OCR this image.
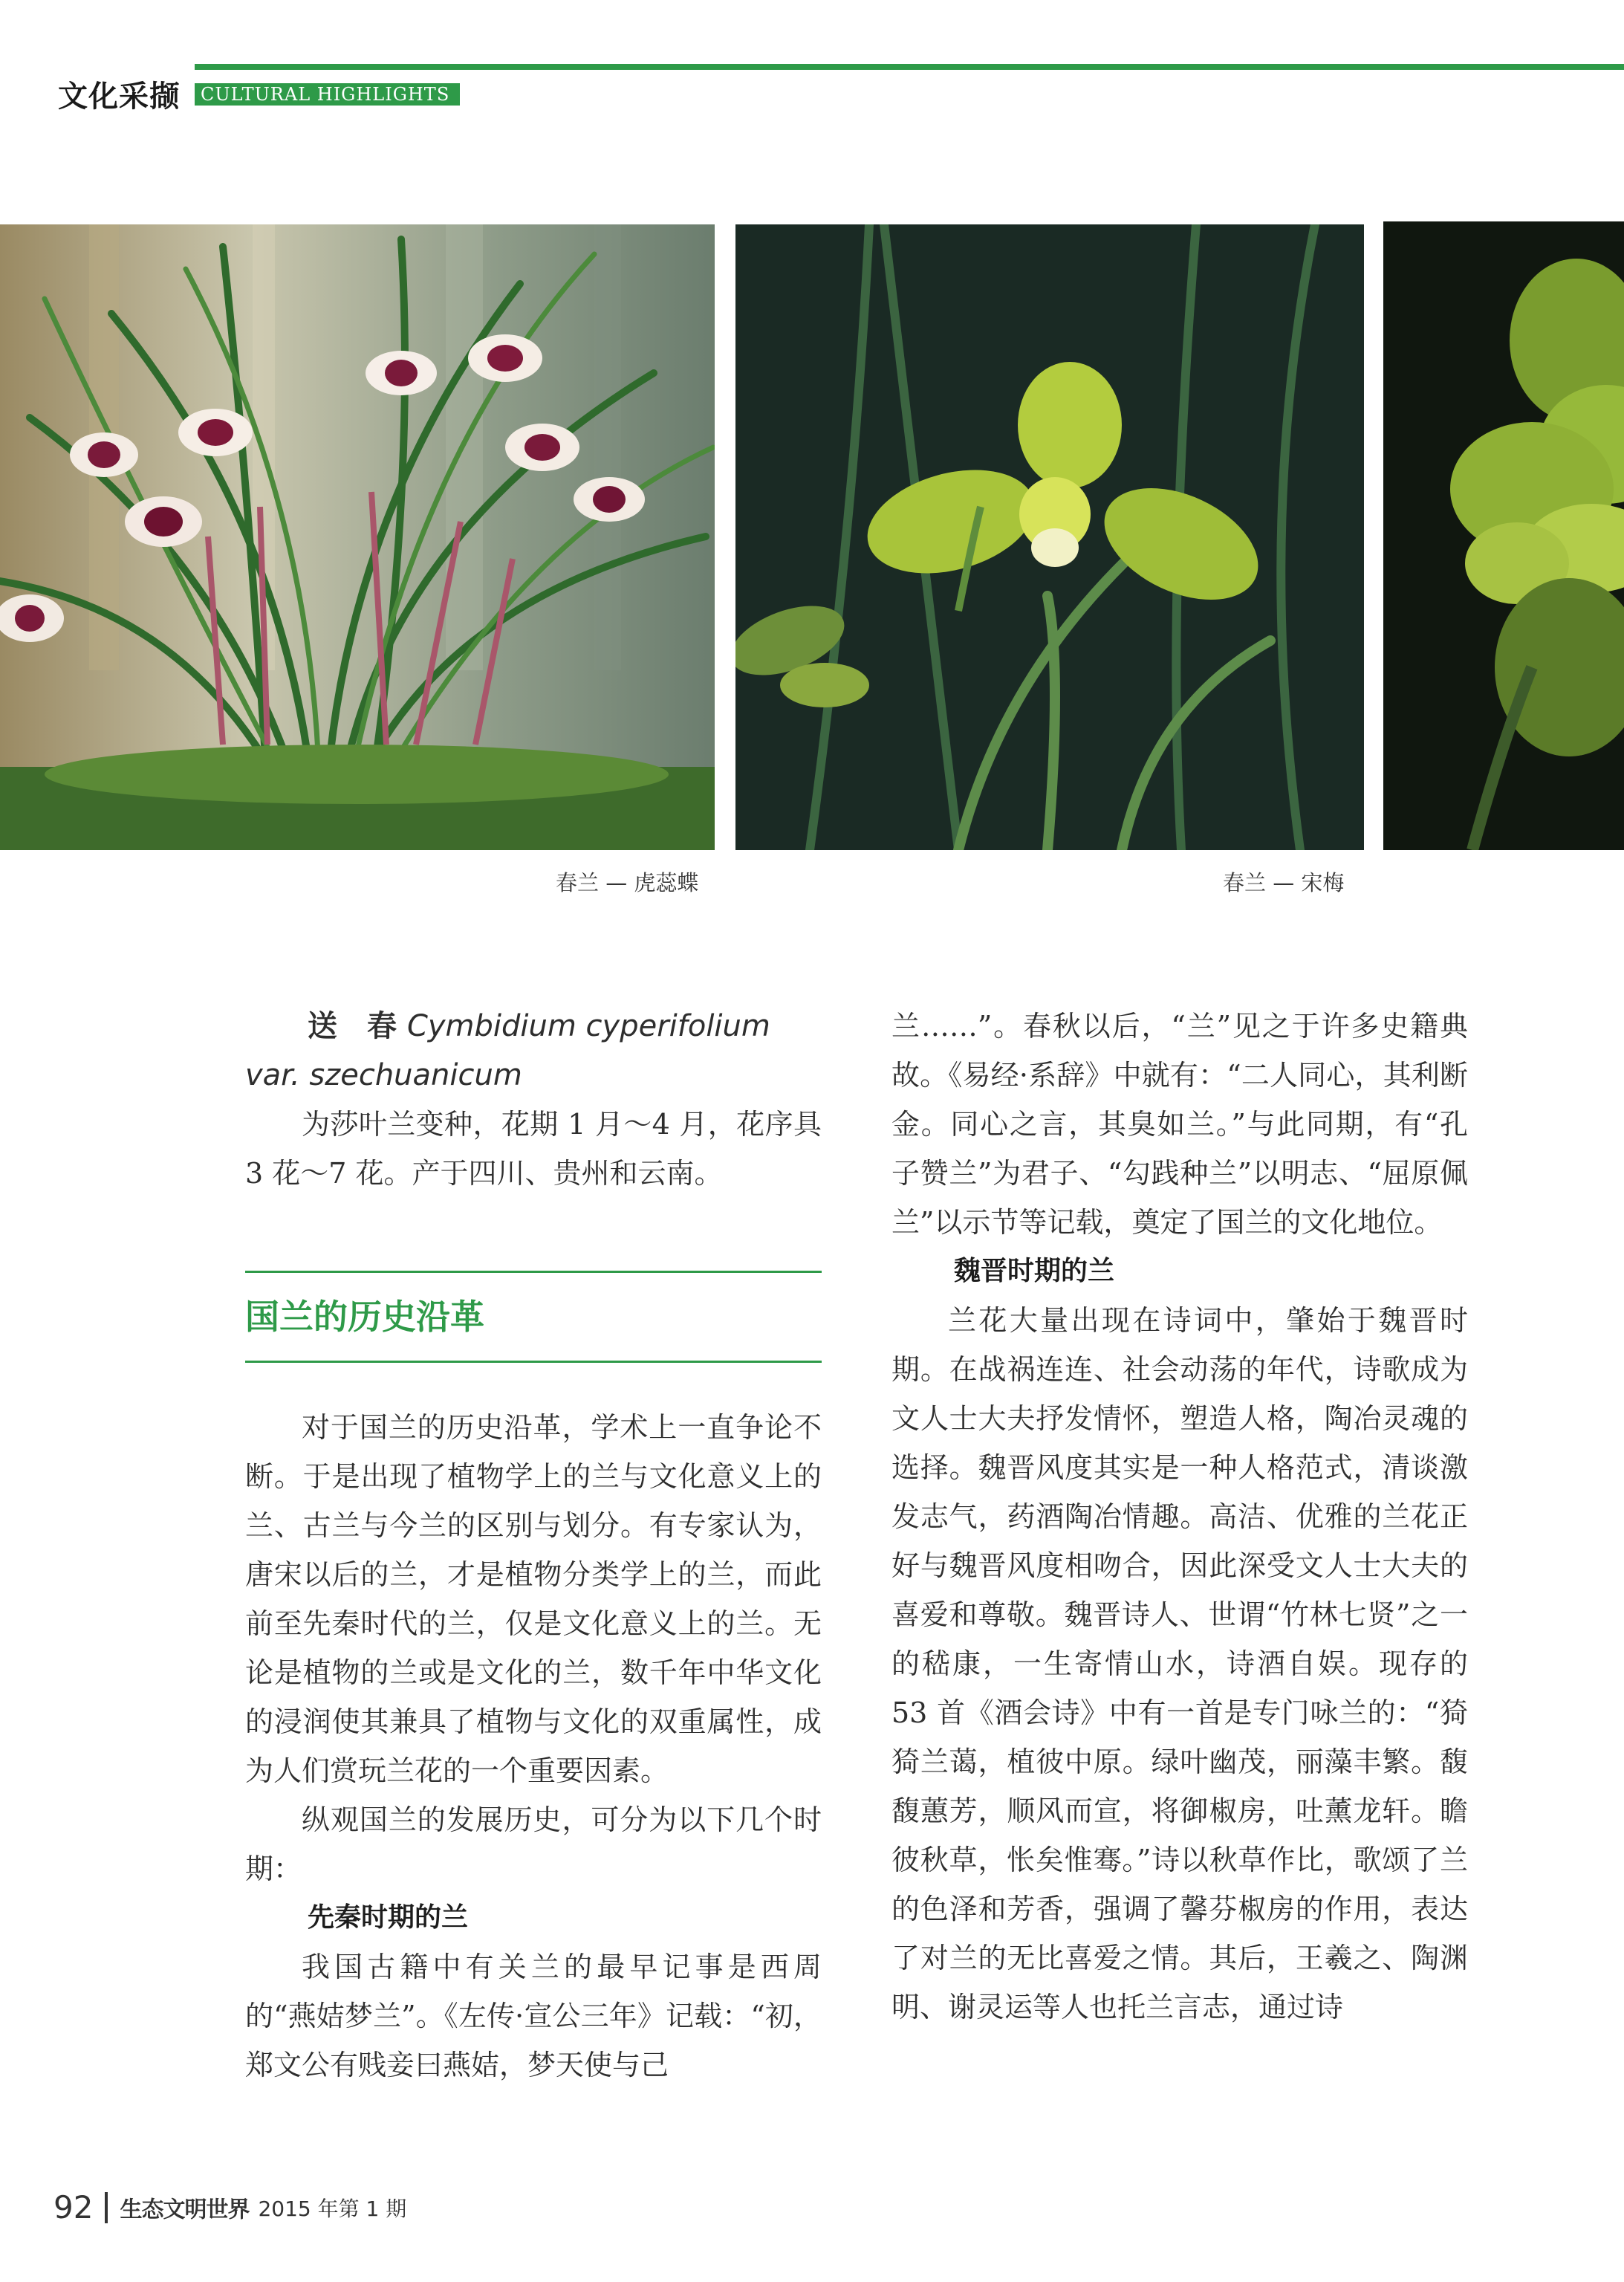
文化采撷	CULTURAL HIGHLIGHTS
春兰 — 虎蕊蝶	春兰 — 宋梅
送　春 Cymbidium cyperifolium
var. szechuanicum

为莎叶兰变种，花期 1 月～4 月，花序具 3 花～7 花。产于四川、贵州和云南。

国兰的历史沿革

对于国兰的历史沿革，学术上一直争论不断。于是出现了植物学上的兰与文化意义上的兰、古兰与今兰的区别与划分。有专家认为，唐宋以后的兰，才是植物分类学上的兰，而此前至先秦时代的兰，仅是文化意义上的兰。无论是植物的兰或是文化的兰，数千年中华文化的浸润使其兼具了植物与文化的双重属性，成为人们赏玩兰花的一个重要因素。

纵观国兰的发展历史，可分为以下几个时期：

先秦时期的兰

我国古籍中有关兰的最早记事是西周的“燕姞梦兰”。《左传·宣公三年》记载：“初，郑文公有贱妾曰燕姞，梦天使与己

兰……”。春秋以后，“兰”见之于许多史籍典故。《易经·系辞》中就有：“二人同心，其利断金。同心之言，其臭如兰。”与此同期，有“孔子赞兰”为君子、“勾践种兰”以明志、“屈原佩兰”以示节等记载，奠定了国兰的文化地位。

魏晋时期的兰

兰花大量出现在诗词中，肇始于魏晋时期。在战祸连连、社会动荡的年代，诗歌成为文人士大夫抒发情怀，塑造人格，陶冶灵魂的选择。魏晋风度其实是一种人格范式，清谈激发志气，药酒陶冶情趣。高洁、优雅的兰花正好与魏晋风度相吻合，因此深受文人士大夫的喜爱和尊敬。魏晋诗人、世谓“竹林七贤”之一的嵇康，一生寄情山水，诗酒自娱。现存的 53 首《酒会诗》中有一首是专门咏兰的：“猗猗兰蔼，植彼中原。绿叶幽茂，丽藻丰繁。馥馥蕙芳，顺风而宣，将御椒房，吐薰龙轩。瞻彼秋草，怅矣惟骞。”诗以秋草作比，歌颂了兰的色泽和芳香，强调了馨芬椒房的作用，表达了对兰的无比喜爱之情。其后，王羲之、陶渊明、谢灵运等人也托兰言志，通过诗

92 生态文明世界 2015 年第 1 期
